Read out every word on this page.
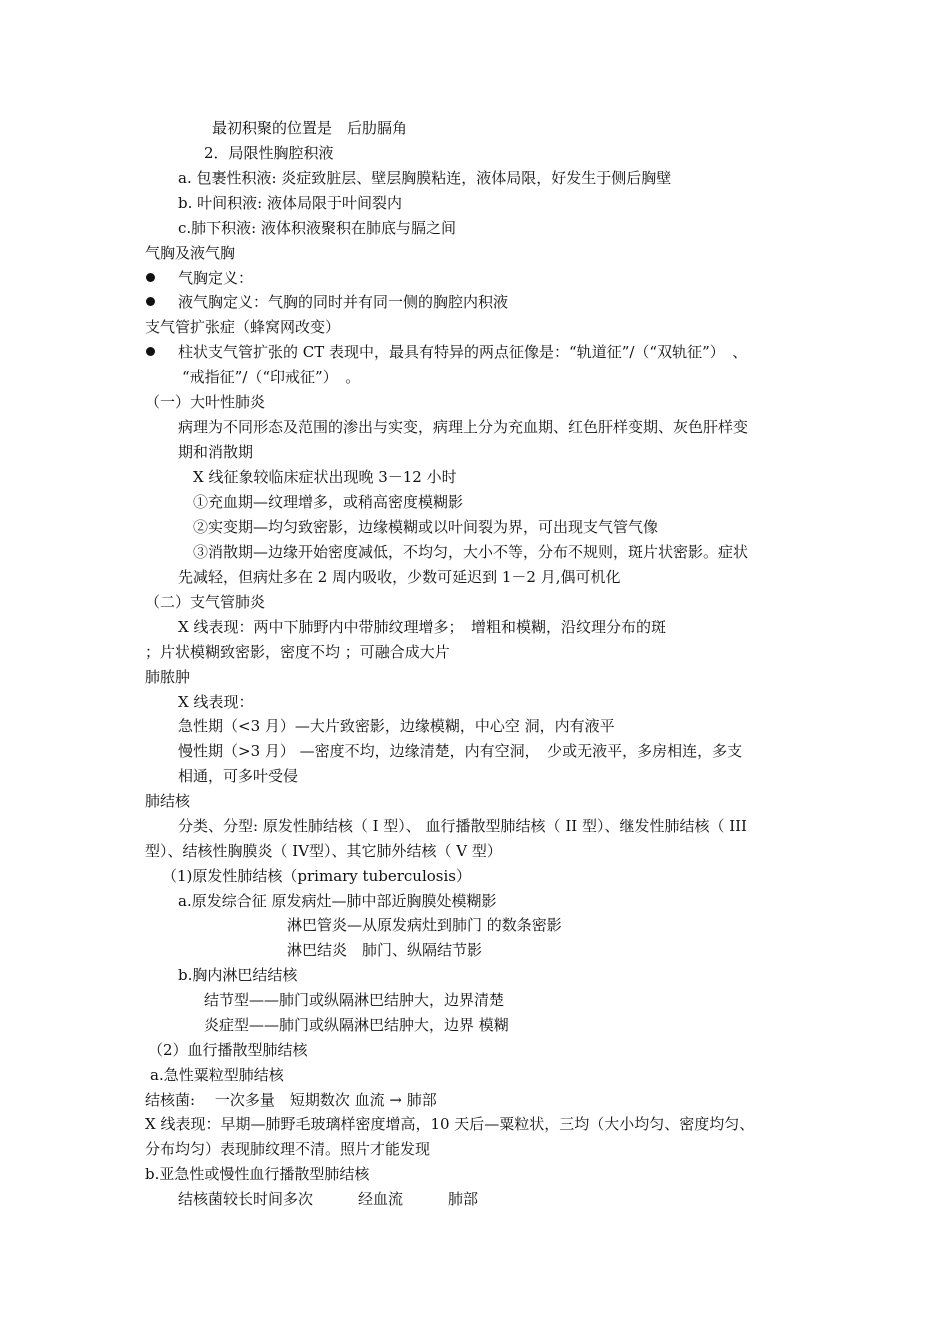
最初积聚的位置是　后肋膈角
2．局限性胸腔积液
a. 包裹性积液: 炎症致脏层、壁层胸膜粘连，液体局限，好发生于侧后胸壁
b. 叶间积液: 液体局限于叶间裂内
c.肺下积液: 液体积液聚积在肺底与膈之间
气胸及液气胸
气胸定义：
液气胸定义：气胸的同时并有同一侧的胸腔内积液
支气管扩张症（蜂窝网改变）
柱状支气管扩张的 CT 表现中，最具有特异的两点征像是：“轨道征”/（“双轨征”）　、
“戒指征”/（“印戒征”）　。
（一）大叶性肺炎
病理为不同形态及范围的渗出与实变，病理上分为充血期、红色肝样变期、灰色肝样变
期和消散期
X 线征象较临床症状出现晚 3－12 小时
①充血期—纹理增多，或稍高密度模糊影
②实变期—均匀致密影，边缘模糊或以叶间裂为界，可出现支气管气像
③消散期—边缘开始密度减低，不均匀，大小不等，分布不规则，斑片状密影。症状
先减轻，但病灶多在 2 周内吸收，少数可延迟到 1－2 月,偶可机化
（二）支气管肺炎
X 线表现：两中下肺野内中带肺纹理增多；　增粗和模糊，沿纹理分布的斑
；片状模糊致密影，密度不均 ；可融合成大片
肺脓肿
X 线表现：
急性期（<3 月）—大片致密影，边缘模糊，中心空 洞，内有液平
慢性期（>3 月） —密度不均，边缘清楚，内有空洞，　少或无液平，多房相连，多支
相通，可多叶受侵
肺结核
分类、分型: 原发性肺结核（ I 型）、 血行播散型肺结核（ II 型）、继发性肺结核（ III
型）、结核性胸膜炎（ IV型）、其它肺外结核（ V 型）
（1)原发性肺结核（primary tuberculosis）
a.原发综合征 原发病灶—肺中部近胸膜处模糊影
淋巴管炎—从原发病灶到肺门 的数条密影
淋巴结炎　肺门、纵隔结节影
b.胸内淋巴结结核
结节型——肺门或纵隔淋巴结肿大，边界清楚
炎症型——肺门或纵隔淋巴结肿大，边界 模糊
（2）血行播散型肺结核
a.急性粟粒型肺结核
结核菌:　 一次多量　短期数次 血流 → 肺部
X 线表现：早期—肺野毛玻璃样密度增高，10 天后—粟粒状，三均（大小均匀、密度均匀、
分布均匀）表现肺纹理不清。照片才能发现
b.亚急性或慢性血行播散型肺结核
结核菌较长时间多次　　　经血流　　　肺部
